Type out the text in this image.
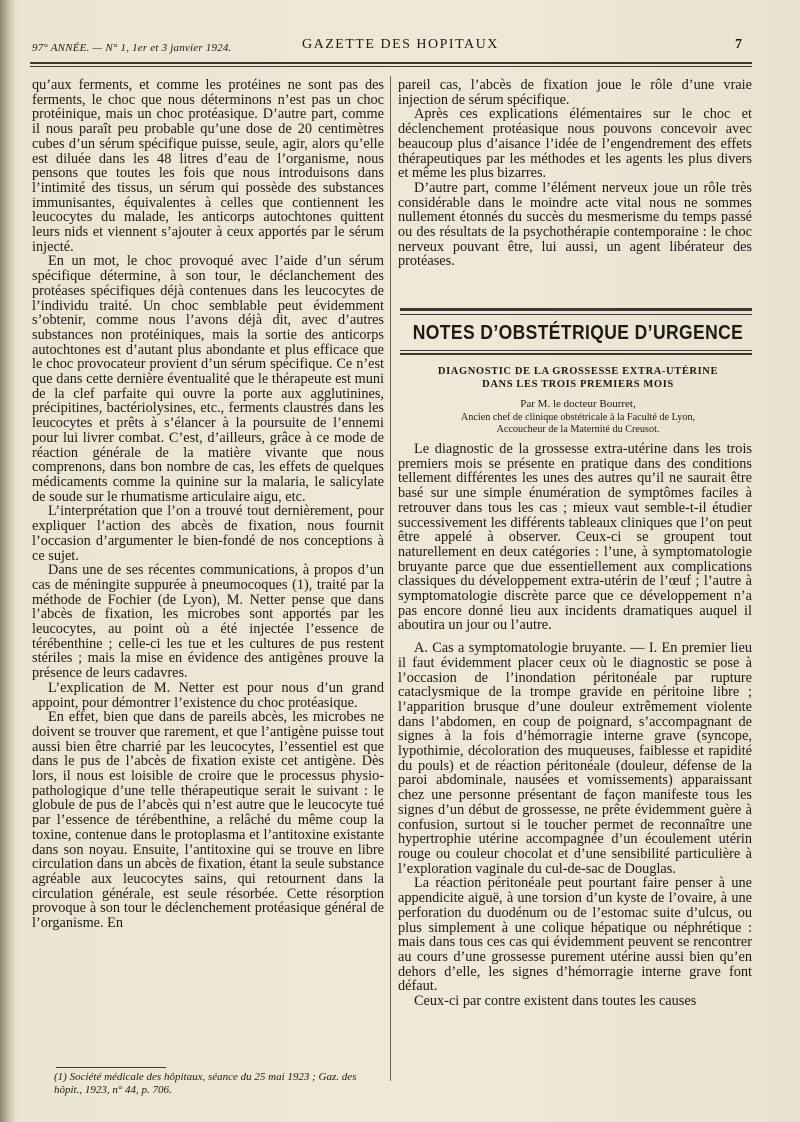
97° ANNÉE. — N° 1, 1er et 3 janvier 1924.	GAZETTE DES HOPITAUX	7

qu’aux ferments, et comme les protéines ne sont pas des ferments, le choc que nous déterminons n’est pas un choc protéinique, mais un choc protéasique. D’autre part, comme il nous paraît peu probable qu’une dose de 20 centimètres cubes d’un sérum spécifique puisse, seule, agir, alors qu’elle est diluée dans les 48 litres d’eau de l’organisme, nous pensons que toutes les fois que nous introduisons dans l’intimité des tissus, un sérum qui possède des substances immunisantes, équivalentes à celles que contiennent les leucocytes du malade, les anticorps autochtones quittent leurs nids et viennent s’ajouter à ceux apportés par le sérum injecté.

En un mot, le choc provoqué avec l’aide d’un sérum spécifique détermine, à son tour, le déclanchement des protéases spécifiques déjà contenues dans les leucocytes de l’individu traité. Un choc semblable peut évidemment s’obtenir, comme nous l’avons déjà dit, avec d’autres substances non protéiniques, mais la sortie des anticorps autochtones est d’autant plus abondante et plus efficace que le choc provocateur provient d’un sérum spécifique. Ce n’est que dans cette dernière éventualité que le thérapeute est muni de la clef parfaite qui ouvre la porte aux agglutinines, précipitines, bactériolysines, etc., ferments claustrés dans les leucocytes et prêts à s’élancer à la poursuite de l’ennemi pour lui livrer combat. C’est, d’ailleurs, grâce à ce mode de réaction générale de la matière vivante que nous comprenons, dans bon nombre de cas, les effets de quelques médicaments comme la quinine sur la malaria, le salicylate de soude sur le rhumatisme articulaire aigu, etc.

L’interprétation que l’on a trouvé tout dernièrement, pour expliquer l’action des abcès de fixation, nous fournit l’occasion d’argumenter le bien-fondé de nos conceptions à ce sujet.

Dans une de ses récentes communications, à propos d’un cas de méningite suppurée à pneumocoques (1), traité par la méthode de Fochier (de Lyon), M. Netter pense que dans l’abcès de fixation, les microbes sont apportés par les leucocytes, au point où a été injectée l’essence de térébenthine ; celle-ci les tue et les cultures de pus restent stériles ; mais la mise en évidence des antigènes prouve la présence de leurs cadavres.

L’explication de M. Netter est pour nous d’un grand appoint, pour démontrer l’existence du choc protéasique.

En effet, bien que dans de pareils abcès, les microbes ne doivent se trouver que rarement, et que l’antigène puisse tout aussi bien être charrié par les leucocytes, l’essentiel est que dans le pus de l’abcès de fixation existe cet antigène. Dès lors, il nous est loisible de croire que le processus physio-pathologique d’une telle thérapeutique serait le suivant : le globule de pus de l’abcès qui n’est autre que le leucocyte tué par l’essence de térébenthine, a relâché du même coup la toxine, contenue dans le protoplasma et l’antitoxine existante dans son noyau. Ensuite, l’antitoxine qui se trouve en libre circulation dans un abcès de fixation, étant la seule substance agréable aux leucocytes sains, qui retournent dans la circulation générale, est seule résorbée. Cette résorption provoque à son tour le déclenchement protéasique général de l’organisme. En

(1) Société médicale des hôpitaux, séance du 25 mai 1923 ; Gaz. des hôpit., 1923, n° 44, p. 706.

pareil cas, l’abcès de fixation joue le rôle d’une vraie injection de sérum spécifique.

Après ces explications élémentaires sur le choc et déclenchement protéasique nous pouvons concevoir avec beaucoup plus d’aisance l’idée de l’engendrement des effets thérapeutiques par les méthodes et les agents les plus divers et même les plus bizarres.

D’autre part, comme l’élément nerveux joue un rôle très considérable dans le moindre acte vital nous ne sommes nullement étonnés du succès du mesmerisme du temps passé ou des résultats de la psychothérapie contemporaine : le choc nerveux pouvant être, lui aussi, un agent libérateur des protéases.

Le diagnostic de la grossesse extra-utérine dans les trois premiers mois se présente en pratique dans des conditions tellement différentes les unes des autres qu’il ne saurait être basé sur une simple énumération de symptômes faciles à retrouver dans tous les cas ; mieux vaut semble-t-il étudier successivement les différents tableaux cliniques que l’on peut être appelé à observer. Ceux-ci se groupent tout naturellement en deux catégories : l’une, à symptomatologie bruyante parce que due essentiellement aux complications classiques du développement extra-utérin de l’œuf ; l’autre à symptomatologie discrète parce que ce développement n’a pas encore donné lieu aux incidents dramatiques auquel il aboutira un jour ou l’autre.

A. Cas a symptomatologie bruyante. — I. En premier lieu il faut évidemment placer ceux où le diagnostic se pose à l’occasion de l’inondation péritonéale par rupture cataclysmique de la trompe gravide en péritoine libre ; l’apparition brusque d’une douleur extrêmement violente dans l’abdomen, en coup de poignard, s’accompagnant de signes à la fois d’hémorragie interne grave (syncope, lypothimie, décoloration des muqueuses, faiblesse et rapidité du pouls) et de réaction péritonéale (douleur, défense de la paroi abdominale, nausées et vomissements) apparaissant chez une personne présentant de façon manifeste tous les signes d’un début de grossesse, ne prête évidemment guère à confusion, surtout si le toucher permet de reconnaître une hypertrophie utérine accompagnée d’un écoulement utérin rouge ou couleur chocolat et d’une sensibilité particulière à l’exploration vaginale du cul-de-sac de Douglas.

La réaction péritonéale peut pourtant faire penser à une appendicite aiguë, à une torsion d’un kyste de l’ovaire, à une perforation du duodénum ou de l’estomac suite d’ulcus, ou plus simplement à une colique hépatique ou néphrétique : mais dans tous ces cas qui évidemment peuvent se rencontrer au cours d’une grossesse purement utérine aussi bien qu’en dehors d’elle, les signes d’hémorragie interne grave font défaut.

Ceux-ci par contre existent dans toutes les causes

NOTES D’OBSTÉTRIQUE D’URGENCE
DIAGNOSTIC DE LA GROSSESSE EXTRA-UTÉRINE
DANS LES TROIS PREMIERS MOIS
Par M. le docteur Bourret,
Ancien chef de clinique obstétricale à la Faculté de Lyon,
Accoucheur de la Maternité du Creusot.
